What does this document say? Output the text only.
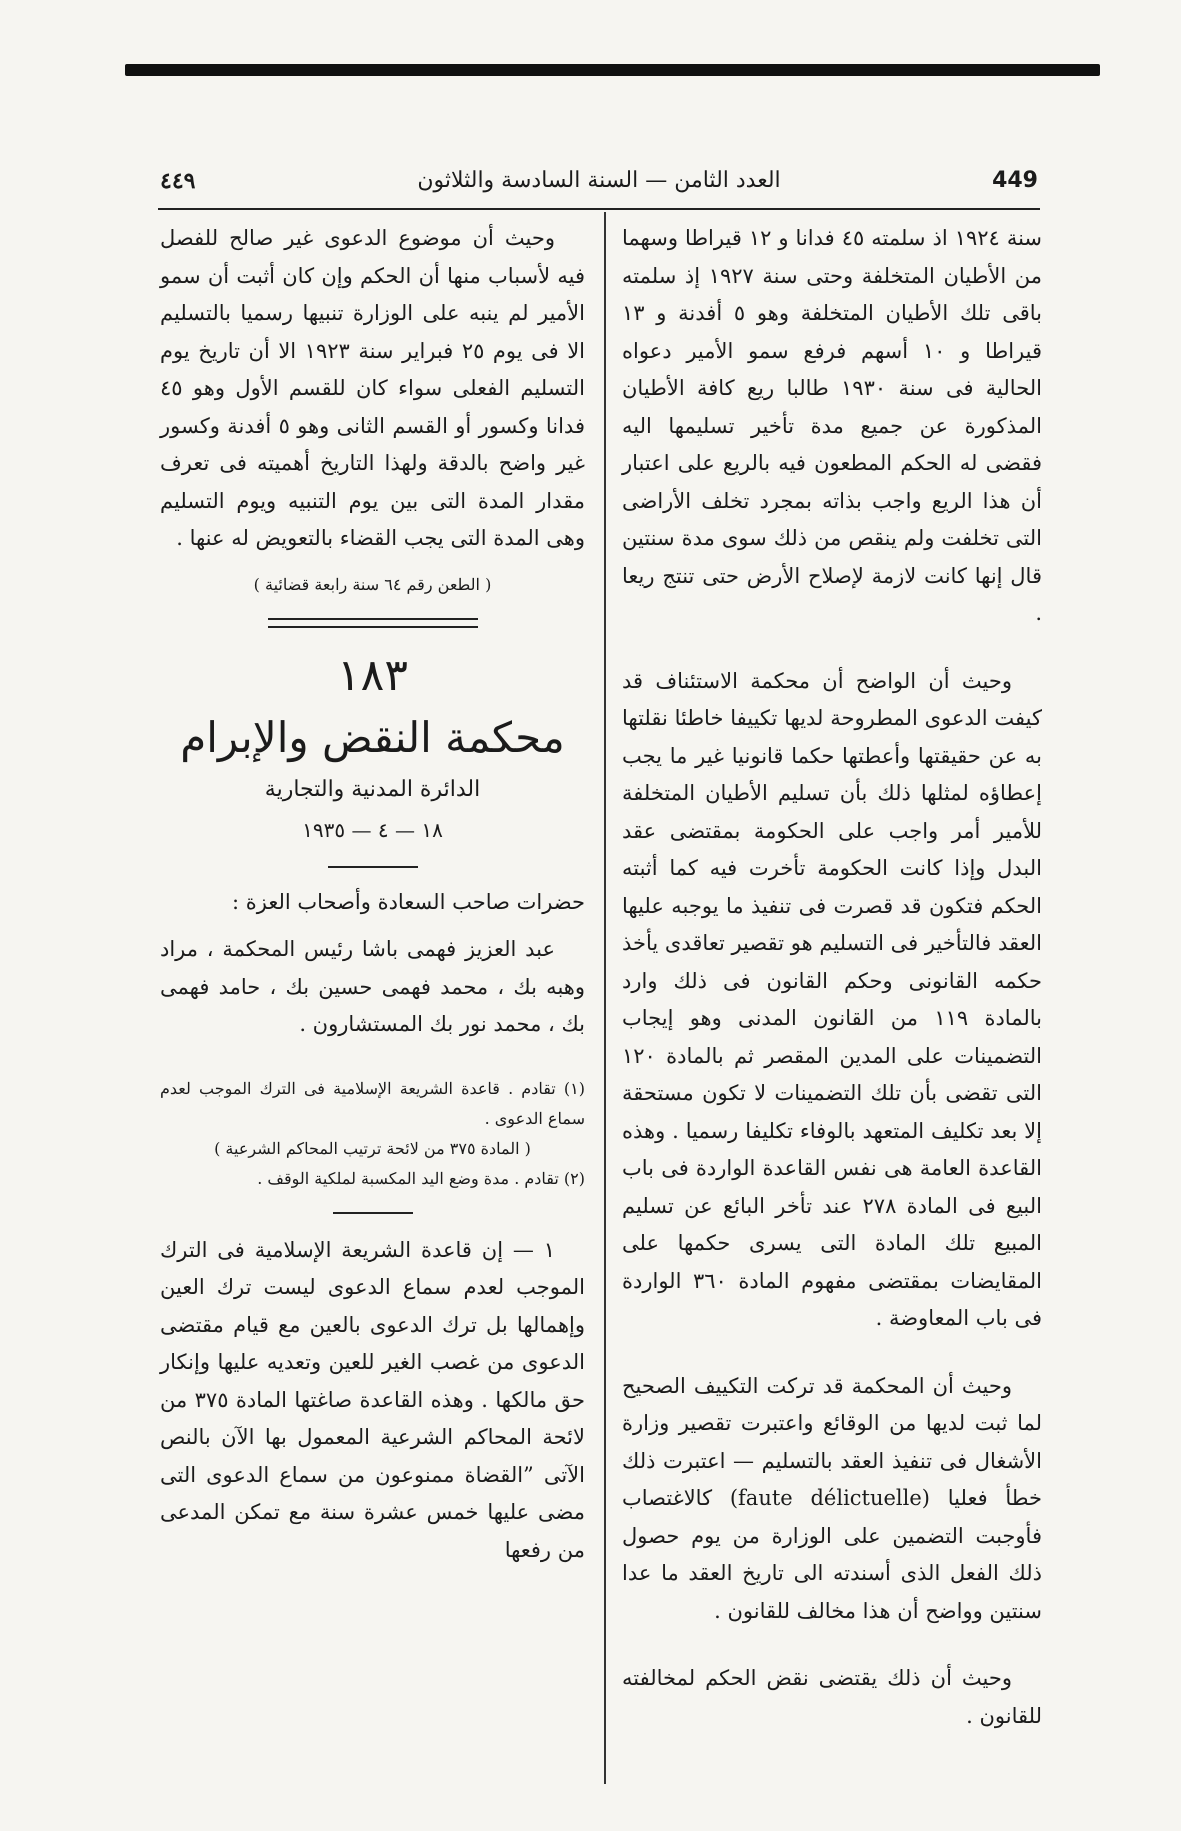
٤٤٩	العدد الثامن — السنة السادسة والثلاثون	449

سنة ١٩٢٤ اذ سلمته ٤٥ فدانا و ١٢ قيراطا وسهما من الأطيان المتخلفة وحتى سنة ١٩٢٧ إذ سلمته باقى تلك الأطيان المتخلفة وهو ٥ أفدنة و ١٣ قيراطا و ١٠ أسهم فرفع سمو الأمير دعواه الحالية فى سنة ١٩٣٠ طالبا ريع كافة الأطيان المذكورة عن جميع مدة تأخير تسليمها اليه فقضى له الحكم المطعون فيه بالريع على اعتبار أن هذا الريع واجب بذاته بمجرد تخلف الأراضى التى تخلفت ولم ينقص من ذلك سوى مدة سنتين قال إنها كانت لازمة لإصلاح الأرض حتى تنتج ريعا .

وحيث أن الواضح أن محكمة الاستئناف قد كيفت الدعوى المطروحة لديها تكييفا خاطئا نقلتها به عن حقيقتها وأعطتها حكما قانونيا غير ما يجب إعطاؤه لمثلها ذلك بأن تسليم الأطيان المتخلفة للأمير أمر واجب على الحكومة بمقتضى عقد البدل وإذا كانت الحكومة تأخرت فيه كما أثبته الحكم فتكون قد قصرت فى تنفيذ ما يوجبه عليها العقد فالتأخير فى التسليم هو تقصير تعاقدى يأخذ حكمه القانونى وحكم القانون فى ذلك وارد بالمادة ١١٩ من القانون المدنى وهو إيجاب التضمينات على المدين المقصر ثم بالمادة ١٢٠ التى تقضى بأن تلك التضمينات لا تكون مستحقة إلا بعد تكليف المتعهد بالوفاء تكليفا رسميا . وهذه القاعدة العامة هى نفس القاعدة الواردة فى باب البيع فى المادة ٢٧٨ عند تأخر البائع عن تسليم المبيع تلك المادة التى يسرى حكمها على المقايضات بمقتضى مفهوم المادة ٣٦٠ الواردة فى باب المعاوضة .

وحيث أن المحكمة قد تركت التكييف الصحيح لما ثبت لديها من الوقائع واعتبرت تقصير وزارة الأشغال فى تنفيذ العقد بالتسليم — اعتبرت ذلك خطأ فعليا (faute délictuelle) كالاغتصاب فأوجبت التضمين على الوزارة من يوم حصول ذلك الفعل الذى أسندته الى تاريخ العقد ما عدا سنتين وواضح أن هذا مخالف للقانون .

وحيث أن ذلك يقتضى نقض الحكم لمخالفته للقانون .

وحيث أن موضوع الدعوى غير صالح للفصل فيه لأسباب منها أن الحكم وإن كان أثبت أن سمو الأمير لم ينبه على الوزارة تنبيها رسميا بالتسليم الا فى يوم ٢٥ فبراير سنة ١٩٢٣ الا أن تاريخ يوم التسليم الفعلى سواء كان للقسم الأول وهو ٤٥ فدانا وكسور أو القسم الثانى وهو ٥ أفدنة وكسور غير واضح بالدقة ولهذا التاريخ أهميته فى تعرف مقدار المدة التى بين يوم التنبيه ويوم التسليم وهى المدة التى يجب القضاء بالتعويض له عنها .

( الطعن رقم ٦٤ سنة رابعة قضائية )

١٨٣

محكمة النقض والإبرام

الدائرة المدنية والتجارية

١٨ — ٤ — ١٩٣٥

حضرات صاحب السعادة وأصحاب العزة :

عبد العزيز فهمى باشا رئيس المحكمة ، مراد وهبه بك ، محمد فهمى حسين بك ، حامد فهمى بك ، محمد نور بك المستشارون .

(١) تقادم . قاعدة الشريعة الإسلامية فى الترك الموجب لعدم سماع الدعوى .

( المادة ٣٧٥ من لائحة ترتيب المحاكم الشرعية )

(٢) تقادم . مدة وضع اليد المكسبة لملكية الوقف .

١ — إن قاعدة الشريعة الإسلامية فى الترك الموجب لعدم سماع الدعوى ليست ترك العين وإهمالها بل ترك الدعوى بالعين مع قيام مقتضى الدعوى من غصب الغير للعين وتعديه عليها وإنكار حق مالكها . وهذه القاعدة صاغتها المادة ٣٧٥ من لائحة المحاكم الشرعية المعمول بها الآن بالنص الآتى ”القضاة ممنوعون من سماع الدعوى التى مضى عليها خمس عشرة سنة مع تمكن المدعى من رفعها
